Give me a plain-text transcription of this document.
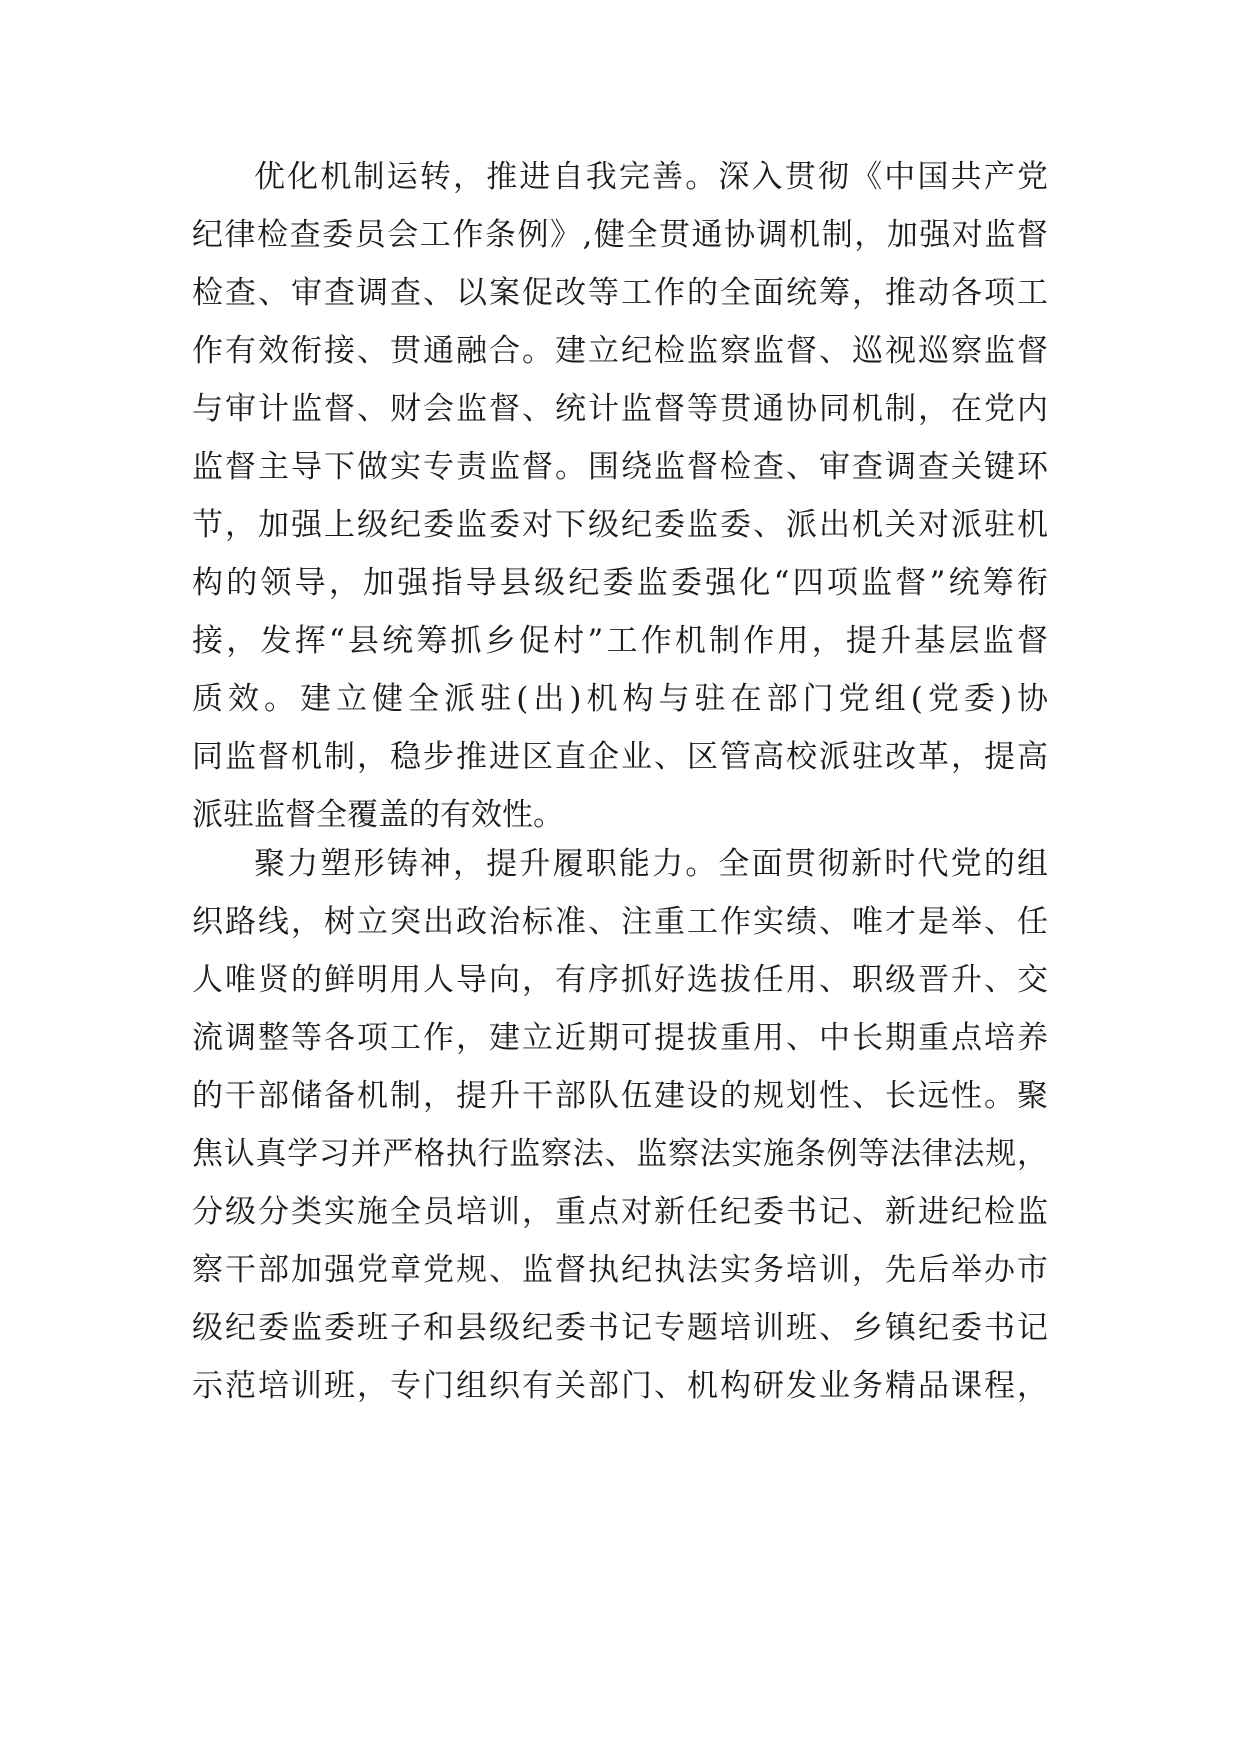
优化机制运转，推进自我完善。深入贯彻《中国共产党
纪律检查委员会工作条例》,健全贯通协调机制，加强对监督
检查、审查调查、以案促改等工作的全面统筹，推动各项工
作有效衔接、贯通融合。建立纪检监察监督、巡视巡察监督
与审计监督、财会监督、统计监督等贯通协同机制，在党内
监督主导下做实专责监督。围绕监督检查、审查调查关键环
节，加强上级纪委监委对下级纪委监委、派出机关对派驻机
构的领导，加强指导县级纪委监委强化“四项监督”统筹衔
接，发挥“县统筹抓乡促村”工作机制作用，提升基层监督
质效。建立健全派驻(出)机构与驻在部门党组(党委)协
同监督机制，稳步推进区直企业、区管高校派驻改革，提高
派驻监督全覆盖的有效性。
聚力塑形铸神，提升履职能力。全面贯彻新时代党的组
织路线，树立突出政治标准、注重工作实绩、唯才是举、任
人唯贤的鲜明用人导向，有序抓好选拔任用、职级晋升、交
流调整等各项工作，建立近期可提拔重用、中长期重点培养
的干部储备机制，提升干部队伍建设的规划性、长远性。聚
焦认真学习并严格执行监察法、监察法实施条例等法律法规，
分级分类实施全员培训，重点对新任纪委书记、新进纪检监
察干部加强党章党规、监督执纪执法实务培训，先后举办市
级纪委监委班子和县级纪委书记专题培训班、乡镇纪委书记
示范培训班，专门组织有关部门、机构研发业务精品课程，
